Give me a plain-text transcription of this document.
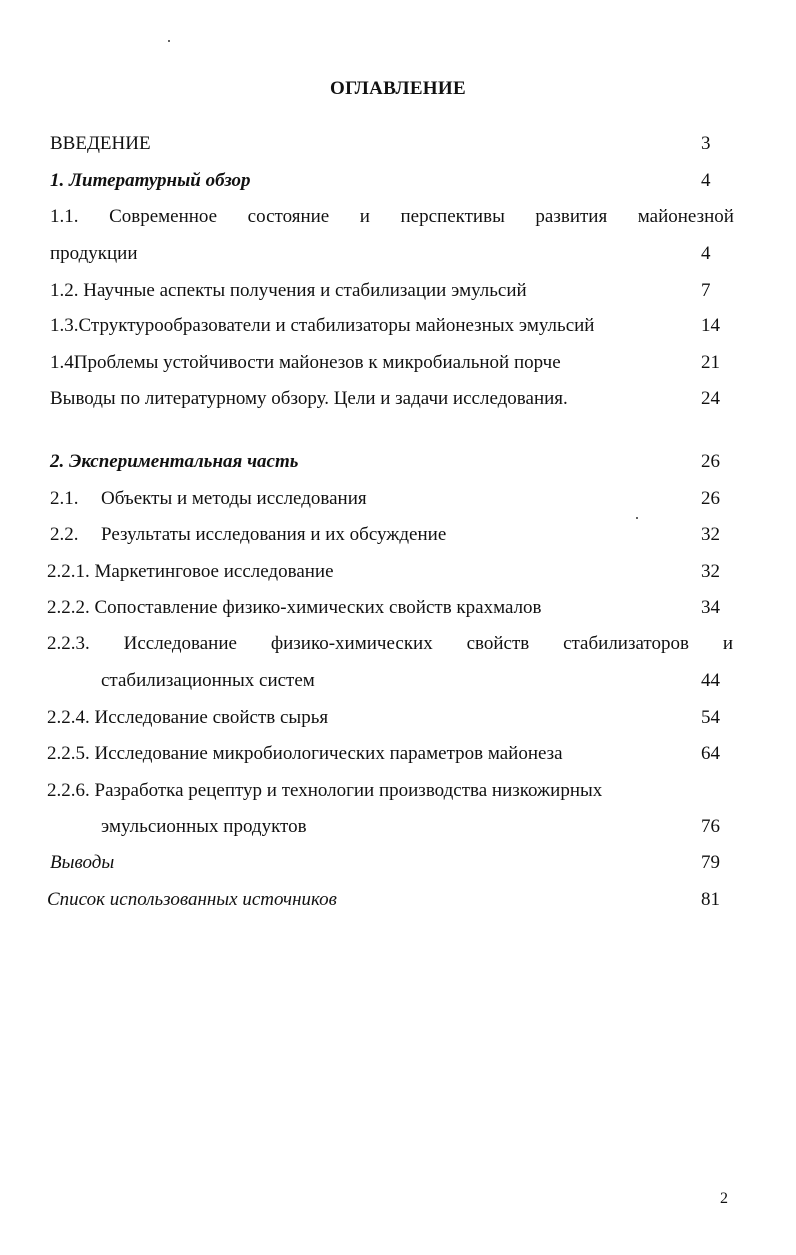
ОГЛАВЛЕНИЕ
ВВЕДЕНИЕ	3
1. Литературный обзор	4
1.1. Современное состояние и перспективы развития майонезной
продукции	4
1.2. Научные аспекты получения и стабилизации эмульсий	7
1.3.Структурообразователи и стабилизаторы майонезных эмульсий	14
1.4Проблемы устойчивости майонезов к микробиальной порче	21
Выводы по литературному обзору. Цели и задачи исследования.	24
2. Экспериментальная часть	26
2.1. Объекты и методы исследования	26
2.2. Результаты исследования и их обсуждение	32
2.2.1. Маркетинговое исследование	32
2.2.2. Сопоставление физико-химических свойств крахмалов	34
2.2.3. Исследование физико-химических свойств стабилизаторов и
стабилизационных систем	44
2.2.4. Исследование свойств сырья	54
2.2.5. Исследование микробиологических параметров майонеза	64
2.2.6. Разработка рецептур и технологии производства низкожирных
эмульсионных продуктов	76
Выводы	79
Список использованных источников	81
2
